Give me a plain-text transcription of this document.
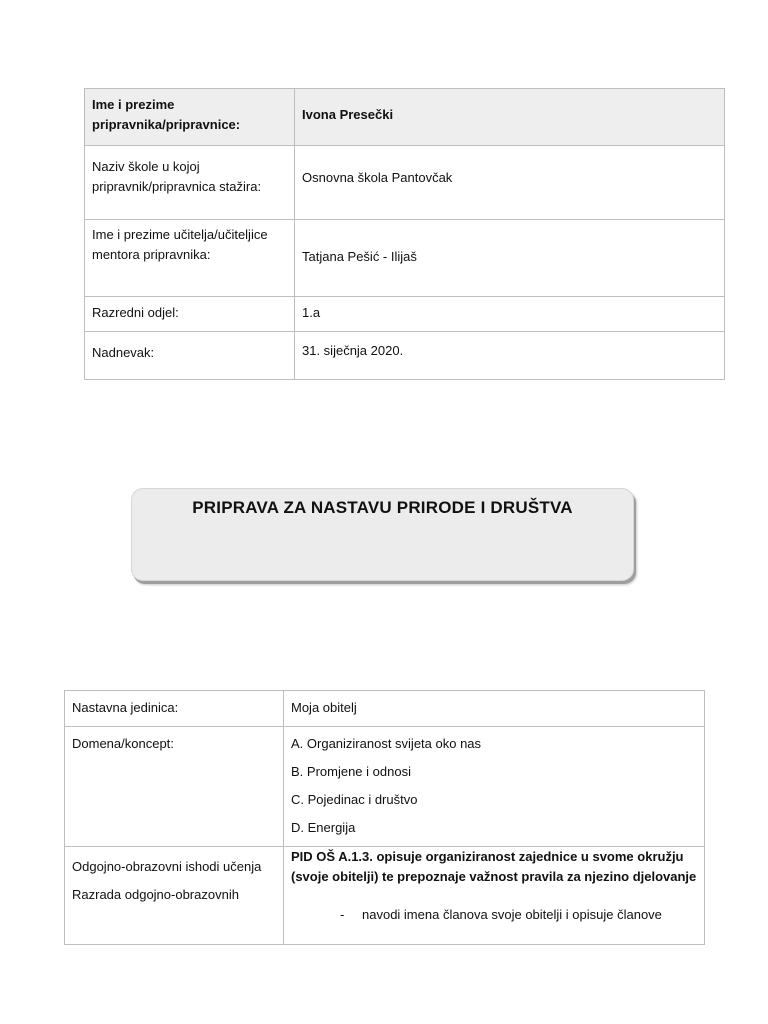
Ime i prezime pripravnika/pripravnice:	Ivona Presečki
Naziv škole u kojoj pripravnik/pripravnica stažira:	Osnovna škola Pantovčak
Ime i prezime učitelja/učiteljice mentora pripravnika:	Tatjana Pešić - Ilijaš
Razredni odjel:	1.a
Nadnevak:	31. siječnja 2020.
PRIPRAVA ZA NASTAVU PRIRODE I DRUŠTVA
Nastavna jedinica:	Moja obitelj
Domena/koncept:	A. Organiziranost svijeta oko nas
B. Promjene i odnosi
C. Pojedinac i društvo
D. Energija

Odgojno-obrazovni ishodi učenja
Razrada odgojno-obrazovnih	PID OŠ A.1.3. opisuje organiziranost zajednice u svome okružju (svoje obitelji) te prepoznaje važnost pravila za njezino djelovanje
- navodi imena članova svoje obitelji i opisuje članove
